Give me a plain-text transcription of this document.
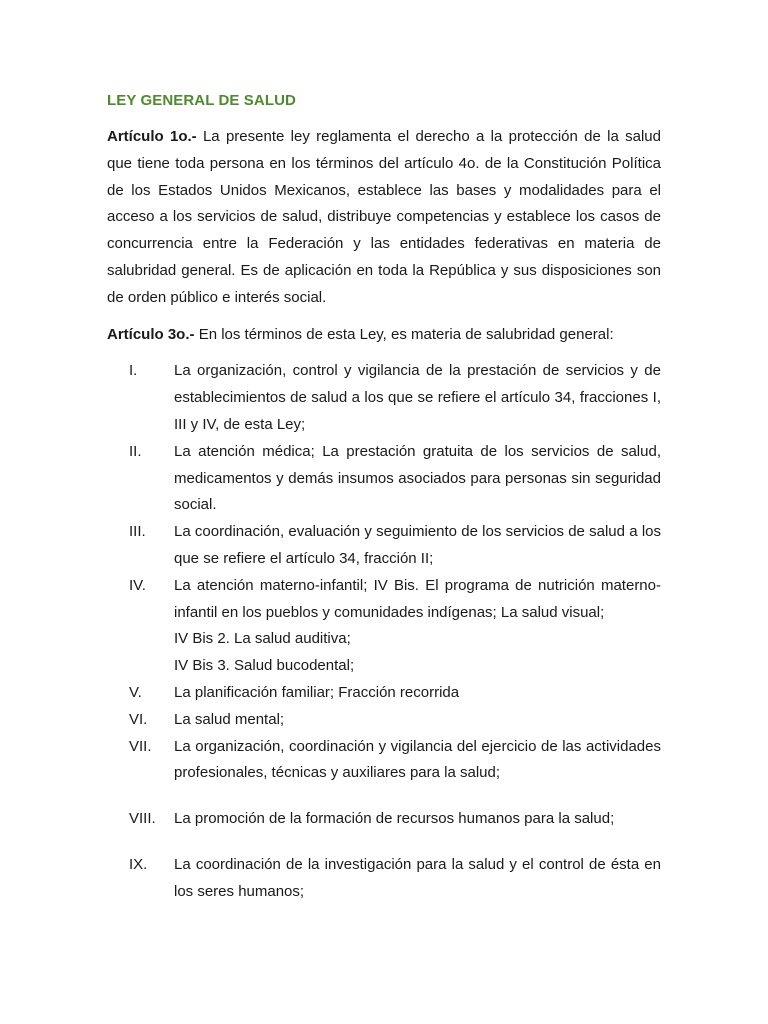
LEY GENERAL DE SALUD

Artículo 1o.- La presente ley reglamenta el derecho a la protección de la salud que tiene toda persona en los términos del artículo 4o. de la Constitución Política de los Estados Unidos Mexicanos, establece las bases y modalidades para el acceso a los servicios de salud, distribuye competencias y establece los casos de concurrencia entre la Federación y las entidades federativas en materia de salubridad general. Es de aplicación en toda la República y sus disposiciones son de orden público e interés social.

Artículo 3o.- En los términos de esta Ley, es materia de salubridad general:

I.	La organización, control y vigilancia de la prestación de servicios y de establecimientos de salud a los que se refiere el artículo 34, fracciones I, III y IV, de esta Ley;
II.	La atención médica; La prestación gratuita de los servicios de salud, medicamentos y demás insumos asociados para personas sin seguridad social.
III.	La coordinación, evaluación y seguimiento de los servicios de salud a los que se refiere el artículo 34, fracción II;
IV.	La atención materno-infantil; IV Bis. El programa de nutrición materno-infantil en los pueblos y comunidades indígenas; La salud visual;
IV Bis 2. La salud auditiva;
IV Bis 3. Salud bucodental;
V.	La planificación familiar; Fracción recorrida
VI.	La salud mental;
VII.	La organización, coordinación y vigilancia del ejercicio de las actividades profesionales, técnicas y auxiliares para la salud;
VIII.	La promoción de la formación de recursos humanos para la salud;
IX.	La coordinación de la investigación para la salud y el control de ésta en los seres humanos;
